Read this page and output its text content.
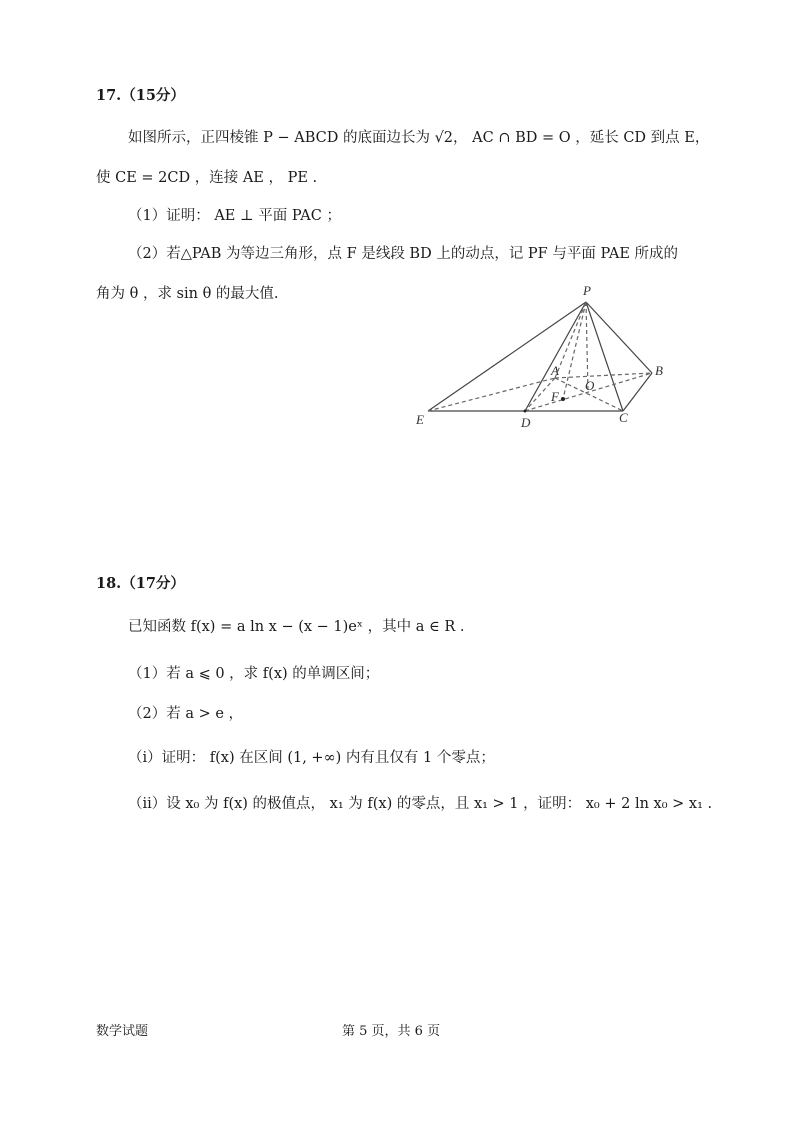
17.（15分）
如图所示，正四棱锥 P − ABCD 的底面边长为 √2， AC ∩ BD = O ，延长 CD 到点 E，
使 CE = 2CD ，连接 AE ， PE .
（1）证明： AE ⊥ 平面 PAC ；
（2）若△PAB 为等边三角形，点 F 是线段 BD 上的动点，记 PF 与平面 PAE 所成的
角为 θ ，求 sin θ 的最大值.	P
A	B
O
F
E	D	C
18.（17分）
已知函数 f(x) = a ln x − (x − 1)eˣ ，其中 a ∈ R .
（1）若 a ⩽ 0 ，求 f(x) 的单调区间；
（2）若 a > e ，
（i）证明： f(x) 在区间 (1, +∞) 内有且仅有 1 个零点；
（ii）设 x₀ 为 f(x) 的极值点， x₁ 为 f(x) 的零点，且 x₁ > 1 ，证明： x₀ + 2 ln x₀ > x₁ .
数学试题	第 5 页，共 6 页
